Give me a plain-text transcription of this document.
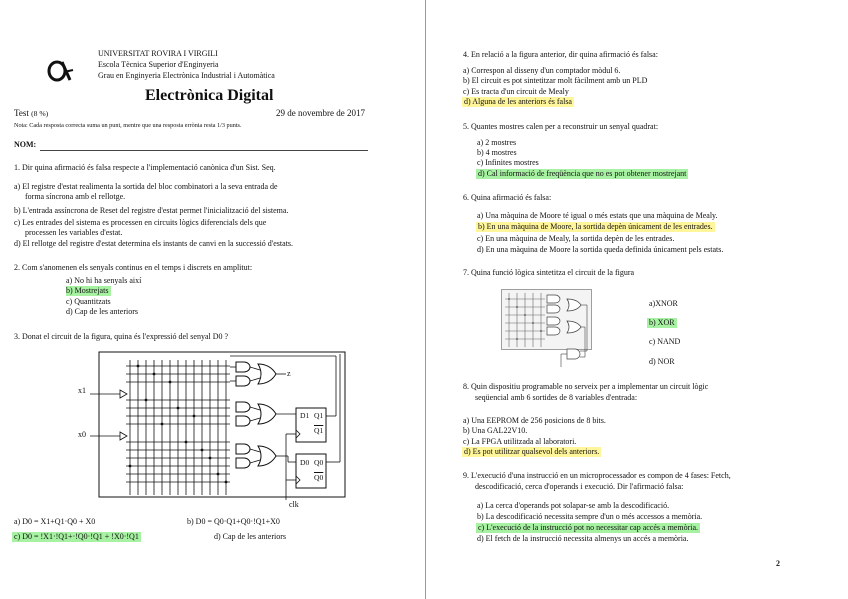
UNIVERSITAT ROVIRA I VIRGILI
Escola Tècnica Superior d'Enginyeria
Grau en Enginyeria Electrònica Industrial i Automàtica
Electrònica Digital
Test (8 %)	29 de novembre de 2017
Nota: Cada resposta correcta suma un punt, mentre que una resposta errònia resta 1/3 punts.
NOM:
1. Dir quina afirmació és falsa respecte a l'implementació canònica d'un Sist. Seq.
a) El registre d'estat realimenta la sortida del bloc combinatori a la seva entrada de
forma síncrona amb el rellotge.
b) L'entrada assíncrona de Reset del registre d'estat permet l'inicialització del sistema.
c) Les entrades del sistema es processen en circuits lògics diferencials dels que
processen les variables d'estat.
d) El rellotge del registre d'estat determina els instants de canvi en la successió d'estats.
2. Com s'anomenen els senyals continus en el temps i discrets en amplitut:
a) No hi ha senyals així
b) Mostrejats
c) Quantitzats
d) Cap de les anteriors
3. Donat el circuit de la figura, quina és l'expressió del senyal D0 ?
z
x1
x0
D1 Q1
Q1
D0 Q0
Q0
clk
a) D0 = X1+Q1·Q0 + X0	b) D0 = Q0·Q1+Q0·!Q1+X0
c) D0 = !X1·!Q1+·!Q0·!Q1 + !X0·!Q1	d) Cap de les anteriors
4. En relació a la figura anterior, dir quina afirmació és falsa:
a) Correspon al disseny d'un comptador mòdul 6.
b) El circuit es pot sintetitzar molt fàcilment amb un PLD
c) Es tracta d'un circuit de Mealy
d) Alguna de les anteriors és falsa
5. Quantes mostres calen per a reconstruir un senyal quadrat:
a) 2 mostres
b) 4 mostres
c) Infinites mostres
d) Cal informació de freqüència que no es pot obtener mostrejant
6. Quina afirmació és falsa:
a) Una màquina de Moore té igual o més estats que una màquina de Mealy.
b) En una màquina de Moore, la sortida depèn únicament de les entrades.
c) En una màquina de Mealy, la sortida depèn de les entrades.
d) En una màquina de Moore la sortida queda definida únicament pels estats.
7. Quina funció lògica sintetitza el circuit de la figura
a)XNOR
b) XOR
c) NAND
d) NOR
8. Quin dispositiu programable no serveix per a implementar un circuit lògic
seqüencial amb 6 sortides de 8 variables d'entrada:
a) Una EEPROM de 256 posicions de 8 bits.
b) Una GAL22V10.
c) La FPGA utilitzada al laboratori.
d) Es pot utilitzar qualsevol dels anteriors.
9. L'execució d'una instrucció en un microprocessador es compon de 4 fases: Fetch,
descodificació, cerca d'operands i execució. Dir l'afirmació falsa:
a) La cerca d'operands pot solapar-se amb la descodificació.
b) La descodificació necessita sempre d'un o més accessos a memòria.
c) L'execució de la instrucció pot no necessitar cap accés a memòria.
d) El fetch de la instrucció necessita almenys un accés a memòria.
2
